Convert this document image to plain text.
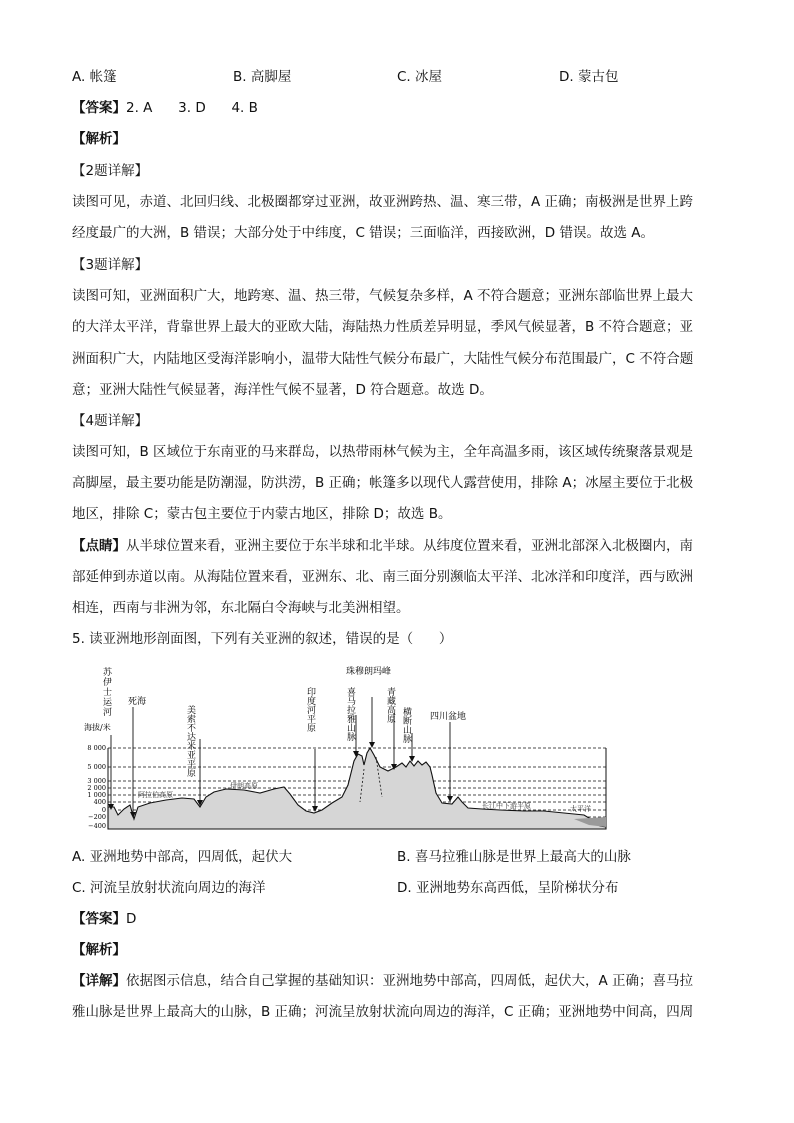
A. 帐篷	B. 高脚屋	C. 冰屋	D. 蒙古包
【答案】2. A      3. D      4. B
【解析】
【2题详解】
读图可见，赤道、北回归线、北极圈都穿过亚洲，故亚洲跨热、温、寒三带，A 正确；南极洲是世界上跨
经度最广的大洲，B 错误；大部分处于中纬度，C 错误；三面临洋，西接欧洲，D 错误。故选 A。
【3题详解】
读图可知，亚洲面积广大，地跨寒、温、热三带，气候复杂多样，A 不符合题意；亚洲东部临世界上最大
的大洋太平洋，背靠世界上最大的亚欧大陆，海陆热力性质差异明显，季风气候显著，B 不符合题意；亚
洲面积广大，内陆地区受海洋影响小，温带大陆性气候分布最广，大陆性气候分布范围最广，C 不符合题
意；亚洲大陆性气候显著，海洋性气候不显著，D 符合题意。故选 D。
【4题详解】
读图可知，B 区域位于东南亚的马来群岛，以热带雨林气候为主，全年高温多雨，该区域传统聚落景观是
高脚屋，最主要功能是防潮湿，防洪涝，B 正确；帐篷多以现代人露营使用，排除 A；冰屋主要位于北极
地区，排除 C；蒙古包主要位于内蒙古地区，排除 D；故选 B。
【点睛】从半球位置来看，亚洲主要位于东半球和北半球。从纬度位置来看，亚洲北部深入北极圈内，南
部延伸到赤道以南。从海陆位置来看，亚洲东、北、南三面分别濒临太平洋、北冰洋和印度洋，西与欧洲
相连，西南与非洲为邻，东北隔白令海峡与北美洲相望。
5. 读亚洲地形剖面图，下列有关亚洲的叙述，错误的是（      ）
海拔/米
8 000
5 000
3 000
2 000
1 000
400
0
−200
−400
苏伊士运河 死海
美索不达米亚平原	印度河平原
珠穆朗玛峰
喜马拉雅山脉	青藏高原
横断山脉 四川盆地
阿拉伯高原
伊朗高原
长江中下游平原	太平洋
A. 亚洲地势中部高，四周低，起伏大	B. 喜马拉雅山脉是世界上最高大的山脉
C. 河流呈放射状流向周边的海洋	D. 亚洲地势东高西低，呈阶梯状分布
【答案】D
【解析】
【详解】依据图示信息，结合自己掌握的基础知识：亚洲地势中部高，四周低，起伏大，A 正确；喜马拉
雅山脉是世界上最高大的山脉，B 正确；河流呈放射状流向周边的海洋，C 正确；亚洲地势中间高，四周
